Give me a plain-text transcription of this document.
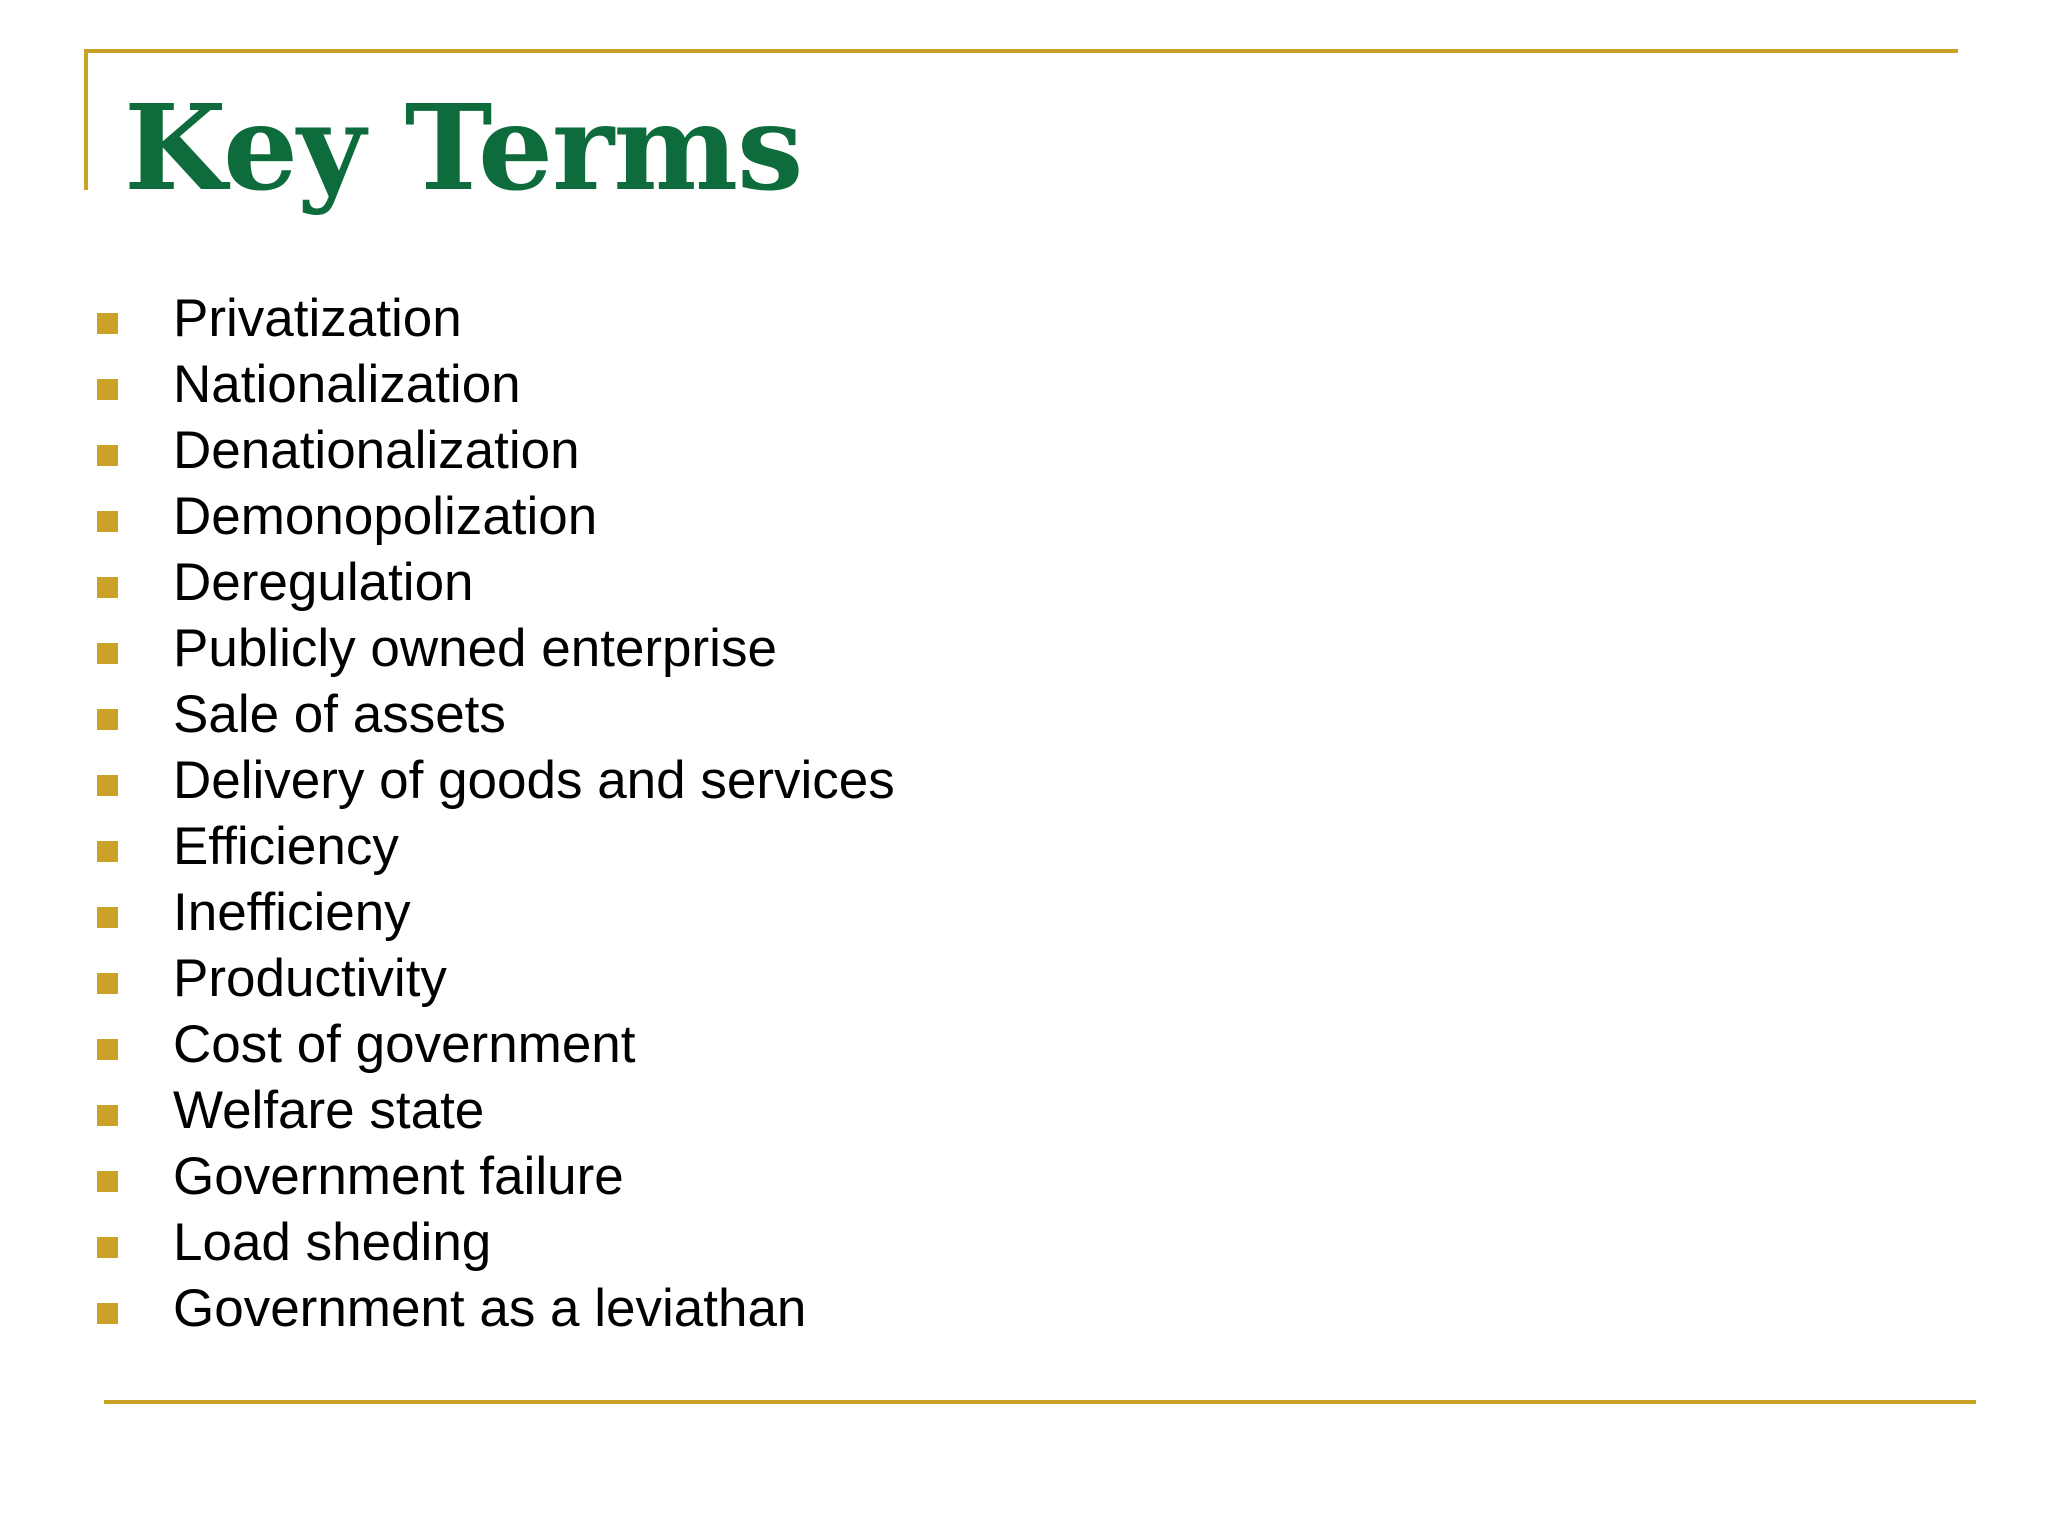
Key Terms
Privatization
Nationalization
Denationalization
Demonopolization
Deregulation
Publicly owned enterprise
Sale of assets
Delivery of goods and services
Efficiency
Inefficieny
Productivity
Cost of government
Welfare state
Government failure
Load sheding
Government as a leviathan
